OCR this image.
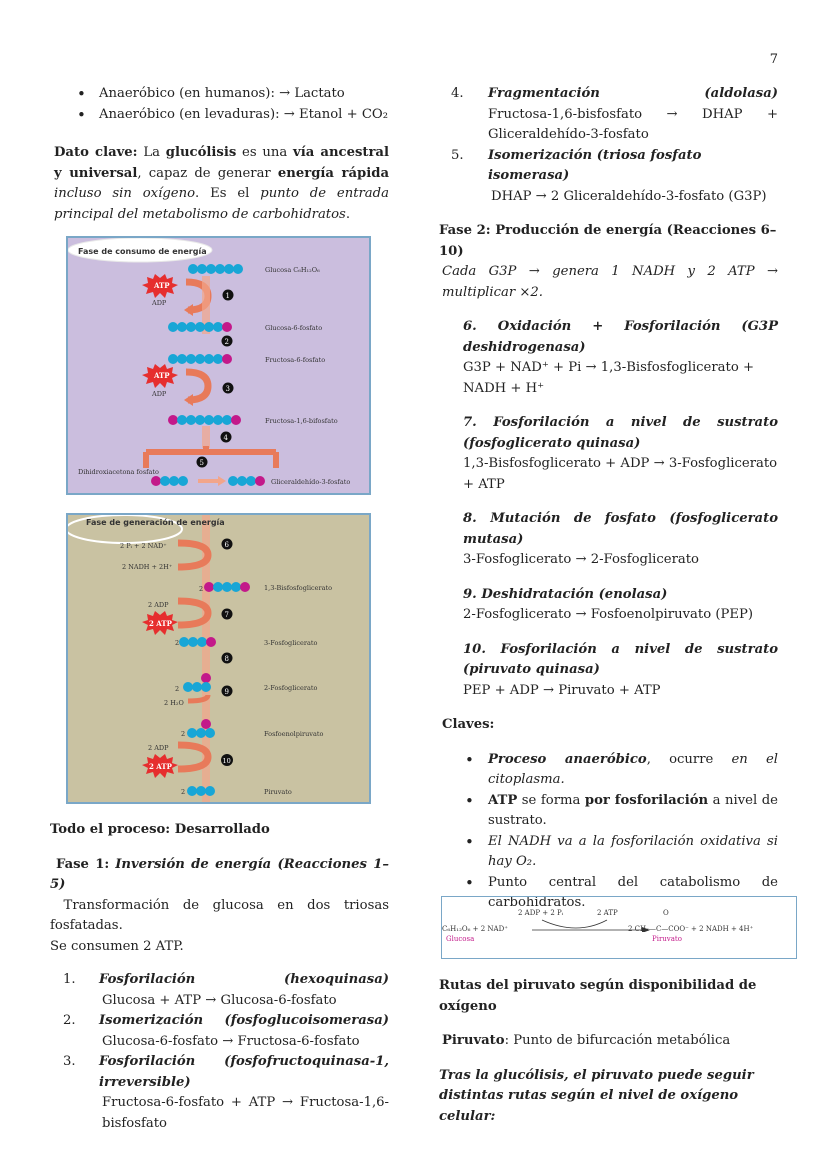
7
• Anaeróbico (en humanos): → Lactato
• Anaeróbico (en levaduras): → Etanol + CO₂

Dato clave: La glucólisis es una vía ancestral y universal, capaz de generar energía rápida incluso sin oxígeno. Es el punto de entrada principal del metabolismo de carbohidratos.

Fase de consumo de energía
Glucosa C₆H₁₂O₆
ATP
ADP
1
Glucosa-6-fosfato
2
Fructosa-6-fosfato
ATP
ADP
3
Fructosa-1,6-bifosfato
4
5
Dihidroxiacetona fosfato
Gliceraldehído-3-fosfato
Fase de generación de energía
2 Pᵢ + 2 NAD⁺	6
2 NADH + 2H⁺
2	1,3-Bisfosfoglicerato
2 ADP
2 ATP
7
2	3-Fosfoglicerato
8
2	2-Fosfoglicerato
2 H₂O
9
2	Fosfoenolpiruvato
2 ADP
2 ATP
10
2	Piruvato
Todo el proceso: Desarrollado

Fase 1: Inversión de energía (Reacciones 1–5)
Transformación de glucosa en dos triosas fosfatadas.
Se consumen 2 ATP.

1. Fosforilación	(hexoquinasa)
Glucosa + ATP → Glucosa-6-fosfato
2. Isomerización (fosfoglucoisomerasa)
Glucosa-6-fosfato → Fructosa-6-fosfato
3. Fosforilación (fosfofructoquinasa-1,
irreversible)
Fructosa-6-fosfato + ATP → Fructosa-1,6-bisfosfato
4. Fragmentación	(aldolasa)
Fructosa-1,6-bisfosfato → DHAP + Gliceraldehído-3-fosfato
5. Isomerización (triosa fosfato isomerasa)
DHAP → 2 Gliceraldehído-3-fosfato (G3P)
Fase 2: Producción de energía (Reacciones 6–10)
Cada G3P → genera 1 NADH y 2 ATP → multiplicar ×2.
6. Oxidación + Fosforilación (G3P deshidrogenasa)
G3P + NAD⁺ + Pi → 1,3-Bisfosfoglicerato + NADH + H⁺
7. Fosforilación a nivel de sustrato (fosfoglicerato quinasa)
1,3-Bisfosfoglicerato + ADP → 3-Fosfoglicerato + ATP
8. Mutación de fosfato (fosfoglicerato mutasa)
3-Fosfoglicerato → 2-Fosfoglicerato
9. Deshidratación (enolasa)
2-Fosfoglicerato → Fosfoenolpiruvato (PEP)
10. Fosforilación a nivel de sustrato (piruvato quinasa)
PEP + ADP → Piruvato + ATP
Claves:
• Proceso anaeróbico, ocurre en el citoplasma.
• ATP se forma por fosforilación a nivel de sustrato.
• El NADH va a la fosforilación oxidativa si hay O₂.
• Punto central del catabolismo de carbohidratos.
2 ADP + 2 Pᵢ	2 ATP	O
C₆H₁₂O₆ + 2 NAD⁺
Glucosa
2 CH₃—C—COO⁻ + 2 NADH + 4H⁺
Piruvato
Rutas del piruvato según disponibilidad de oxígeno
Piruvato: Punto de bifurcación metabólica
Tras la glucólisis, el piruvato puede seguir distintas rutas según el nivel de oxígeno celular:
